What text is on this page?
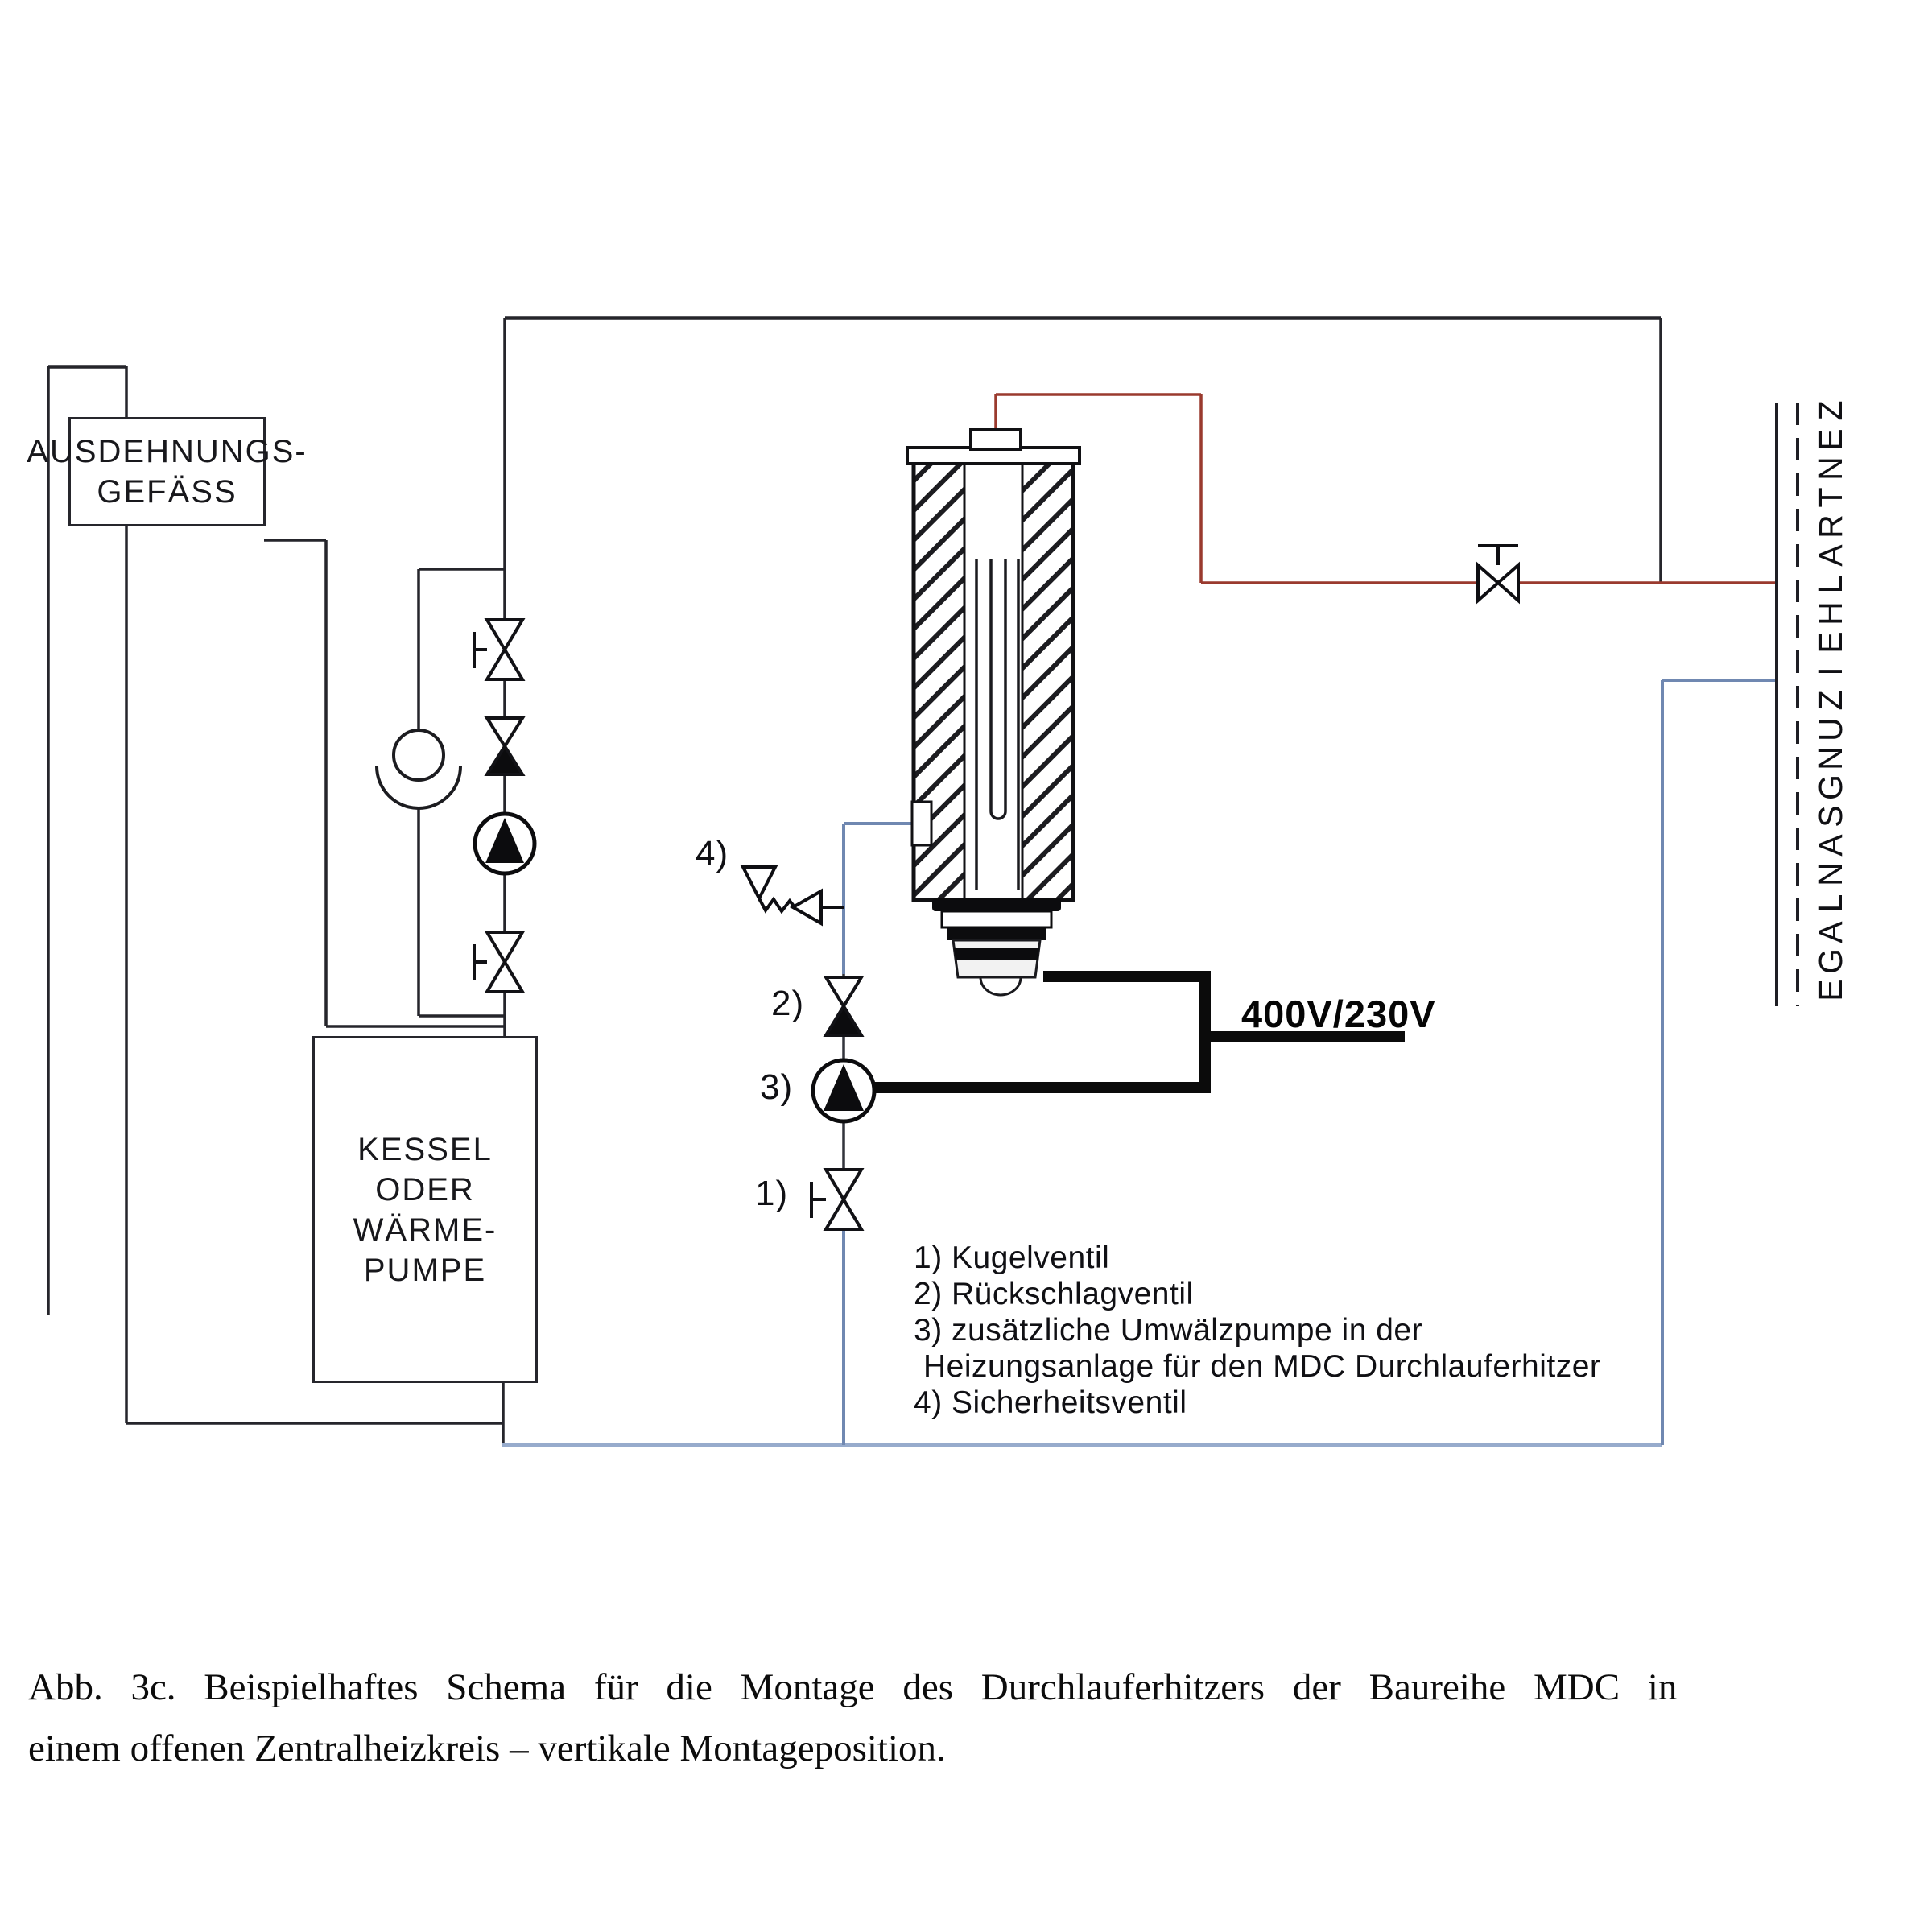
AUSDEHNUNGS-
GEFÄSS
KESSEL
ODER
WÄRME-
PUMPE
4)
2)
3)
1)
400V/230V
1) Kugelventil
2) Rückschlagventil
3) zusätzliche Umwälzpumpe in der
Heizungsanlage für den MDC Durchlauferhitzer
4) Sicherheitsventil
Z
E
N
T
R
A
L
H
E
I
Z
U
N
G
S
A
N
L
A
G
E
Abb. 3c. Beispielhaftes Schema für die Montage des Durchlauferhitzers der Baureihe MDC in
einem offenen Zentralheizkreis – vertikale Montageposition.
